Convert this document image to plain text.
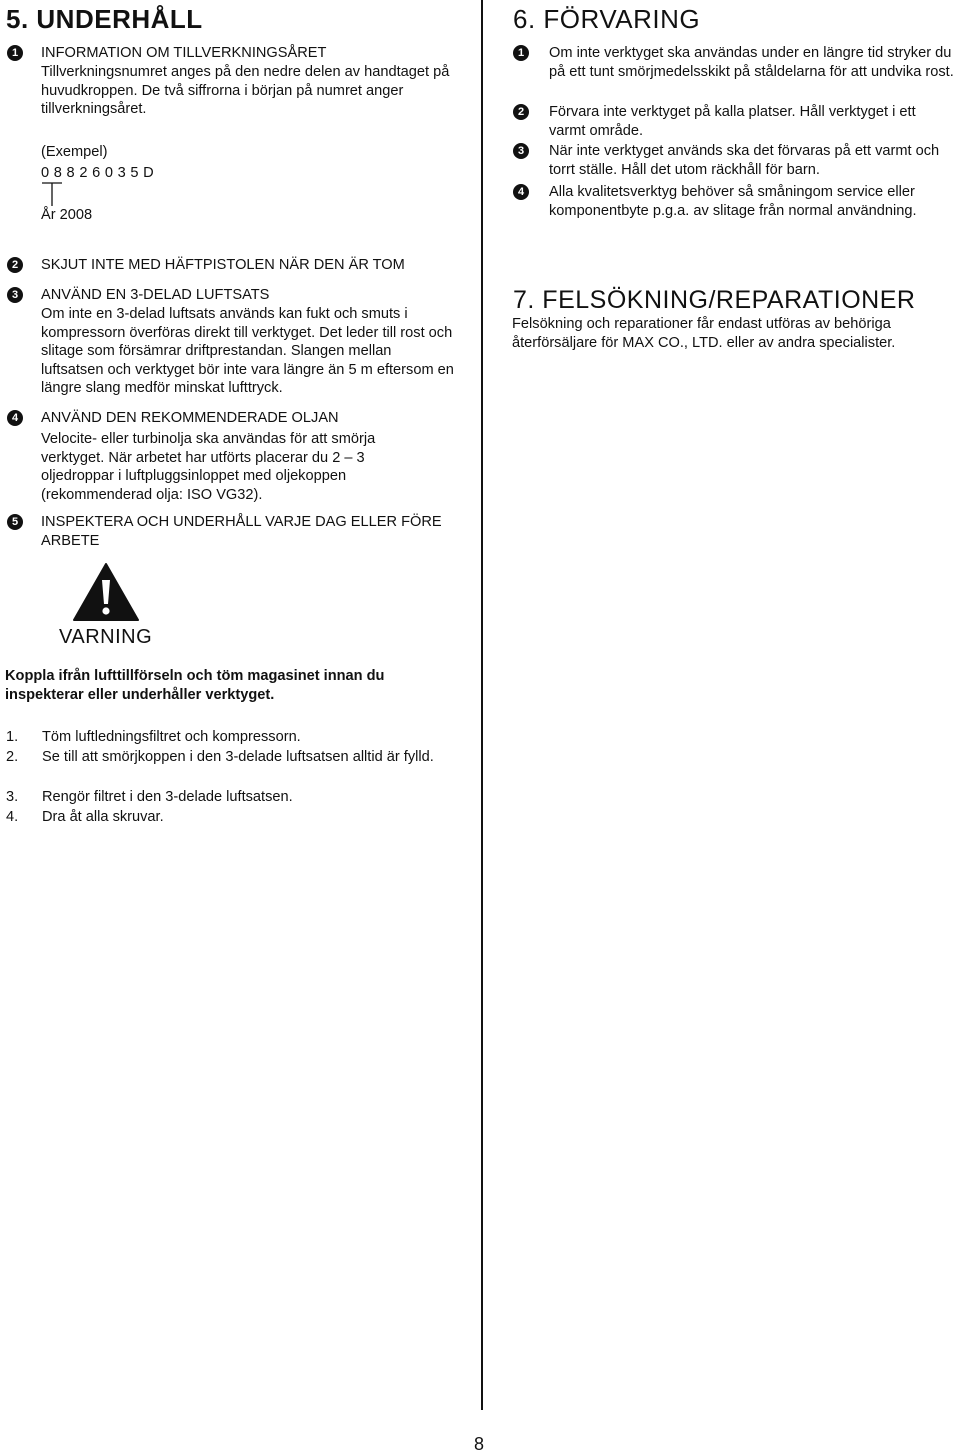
5. UNDERHÅLL
1	INFORMATION OM TILLVERKNINGSÅRET
Tillverkningsnumret anges på den nedre delen av handtaget på huvudkroppen. De två siffrorna i början på numret anger tillverkningsåret.
(Exempel)
0 8 8 2 6 0 3 5 D
År 2008
2	SKJUT INTE MED HÄFTPISTOLEN NÄR DEN ÄR TOM
3	ANVÄND EN 3-DELAD LUFTSATS
Om inte en 3-delad luftsats används kan fukt och smuts i kompressorn överföras direkt till verktyget. Det leder till rost och slitage som försämrar driftprestandan. Slangen mellan luftsatsen och verktyget bör inte vara längre än 5 m eftersom en längre slang medför minskat lufttryck.
4	ANVÄND DEN REKOMMENDERADE OLJAN
Velocite- eller turbinolja ska användas för att smörja verktyget. När arbetet har utförts placerar du 2 – 3 oljedroppar i luftpluggsinloppet med oljekoppen (rekommenderad olja: ISO VG32).
5	INSPEKTERA OCH UNDERHÅLL VARJE DAG ELLER FÖRE ARBETE
VARNING
Koppla ifrån lufttillförseln och töm magasinet innan du inspekterar eller underhåller verktyget.
1. Töm luftledningsfiltret och kompressorn.
2. Se till att smörjkoppen i den 3-delade luftsatsen alltid är fylld.
3. Rengör filtret i den 3-delade luftsatsen.
4. Dra åt alla skruvar.
6. FÖRVARING
1	Om inte verktyget ska användas under en längre tid stryker du på ett tunt smörjmedelsskikt på ståldelarna för att undvika rost.
2	Förvara inte verktyget på kalla platser. Håll verktyget i ett varmt område.
3	När inte verktyget används ska det förvaras på ett varmt och torrt ställe. Håll det utom räckhåll för barn.
4	Alla kvalitetsverktyg behöver så småningom service eller komponentbyte p.g.a. av slitage från normal användning.
7. FELSÖKNING/REPARATIONER
Felsökning och reparationer får endast utföras av behöriga återförsäljare för MAX CO., LTD. eller av andra specialister.
8
